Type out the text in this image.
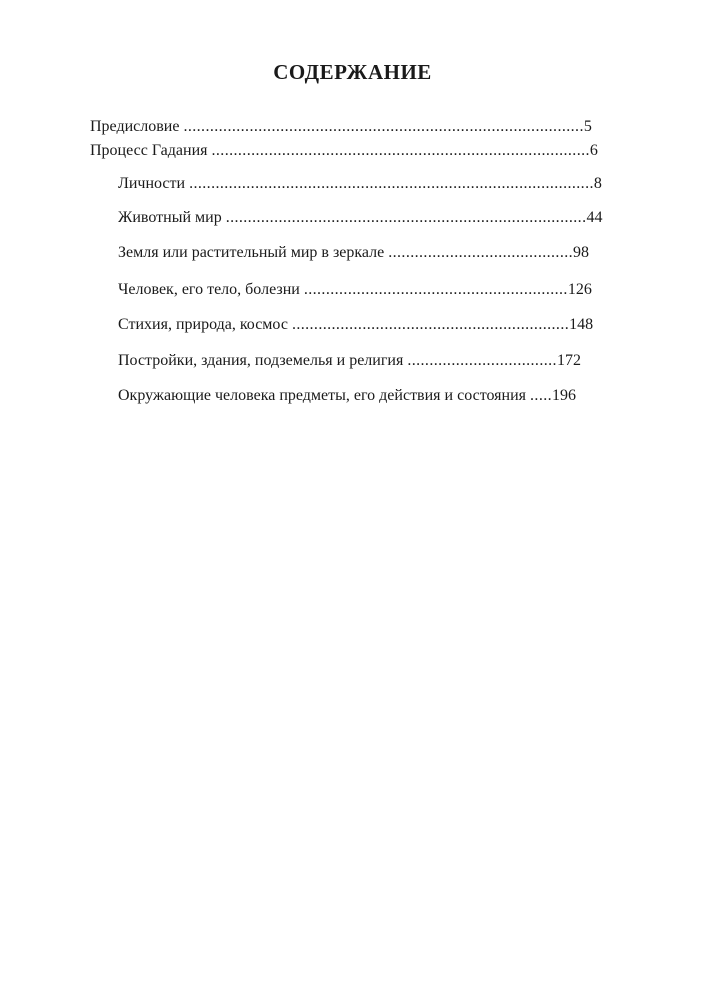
СОДЕРЖАНИЕ
Предисловие ...........................................................................................5
Процесс Гадания ......................................................................................6
Личности ............................................................................................8
Животный мир ..................................................................................44
Земля или растительный мир в зеркале ..........................................98
Человек, его тело, болезни ............................................................126
Стихия, природа, космос ...............................................................148
Постройки, здания, подземелья и религия ..................................172
Окружающие человека предметы, его действия и состояния .....196
